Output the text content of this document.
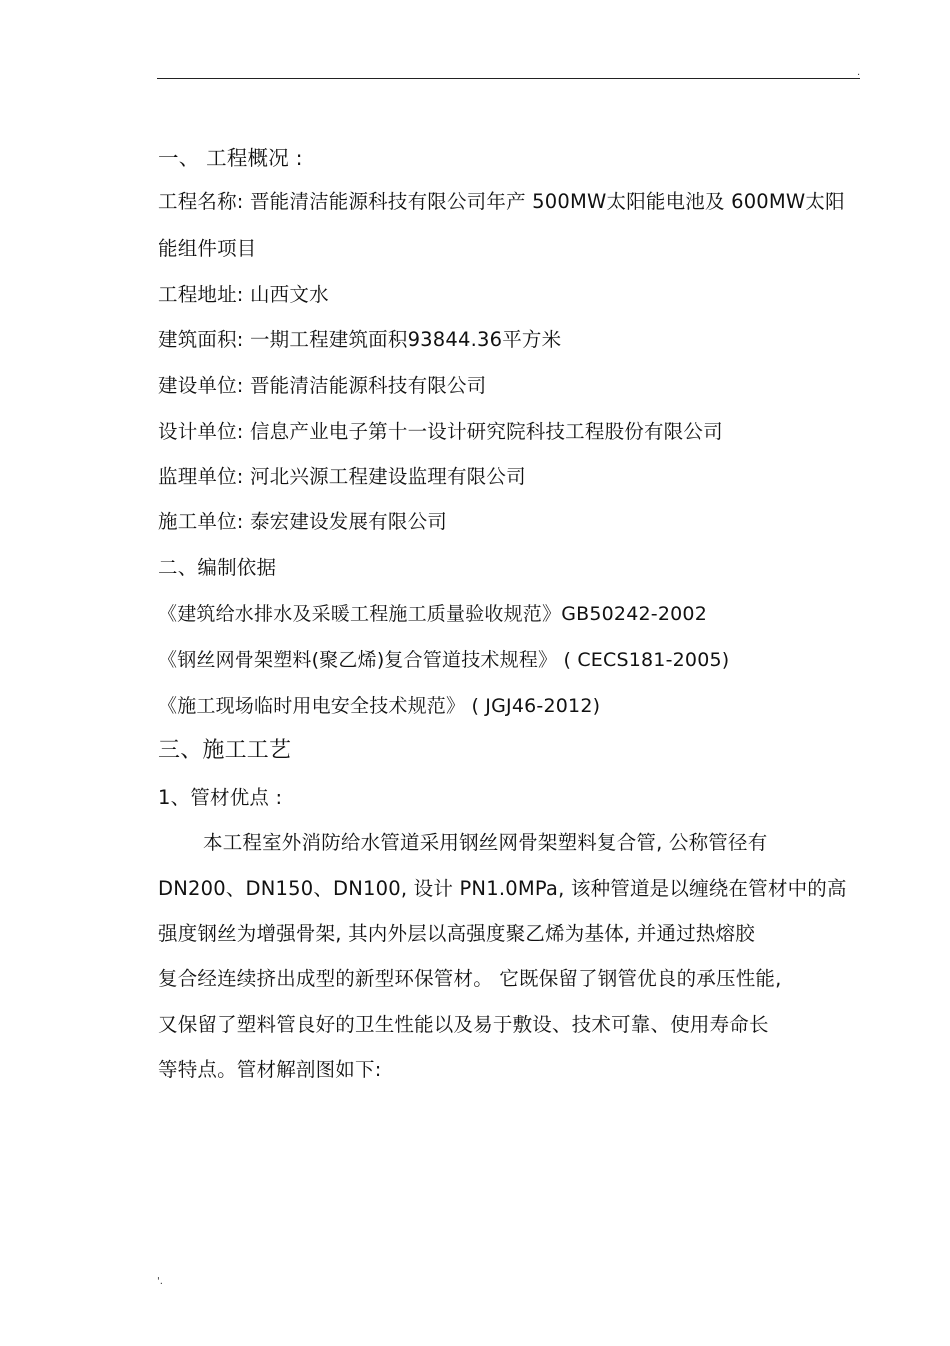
.
一、 工程概况 :
工程名称: 晋能清洁能源科技有限公司年产 500MW太阳能电池及 600MW太阳
能组件项目
工程地址: 山西文水
建筑面积: 一期工程建筑面积93844.36平方米
建设单位: 晋能清洁能源科技有限公司
设计单位: 信息产业电子第十一设计研究院科技工程股份有限公司
监理单位: 河北兴源工程建设监理有限公司
施工单位: 泰宏建设发展有限公司
二、编制依据
《建筑给水排水及采暖工程施工质量验收规范》GB50242-2002
《钢丝网骨架塑料(聚乙烯)复合管道技术规程》 ( CECS181-2005)
《施工现场临时用电安全技术规范》 ( JGJ46-2012)
三、施工工艺
1、管材优点 :
本工程室外消防给水管道采用钢丝网骨架塑料复合管, 公称管径有
DN200、DN150、DN100, 设计 PN1.0MPa, 该种管道是以缠绕在管材中的高
强度钢丝为增强骨架, 其内外层以高强度聚乙烯为基体, 并通过热熔胶
复合经连续挤出成型的新型环保管材。 它既保留了钢管优良的承压性能,
又保留了塑料管良好的卫生性能以及易于敷设、技术可靠、使用寿命长
等特点。管材解剖图如下:
'.
